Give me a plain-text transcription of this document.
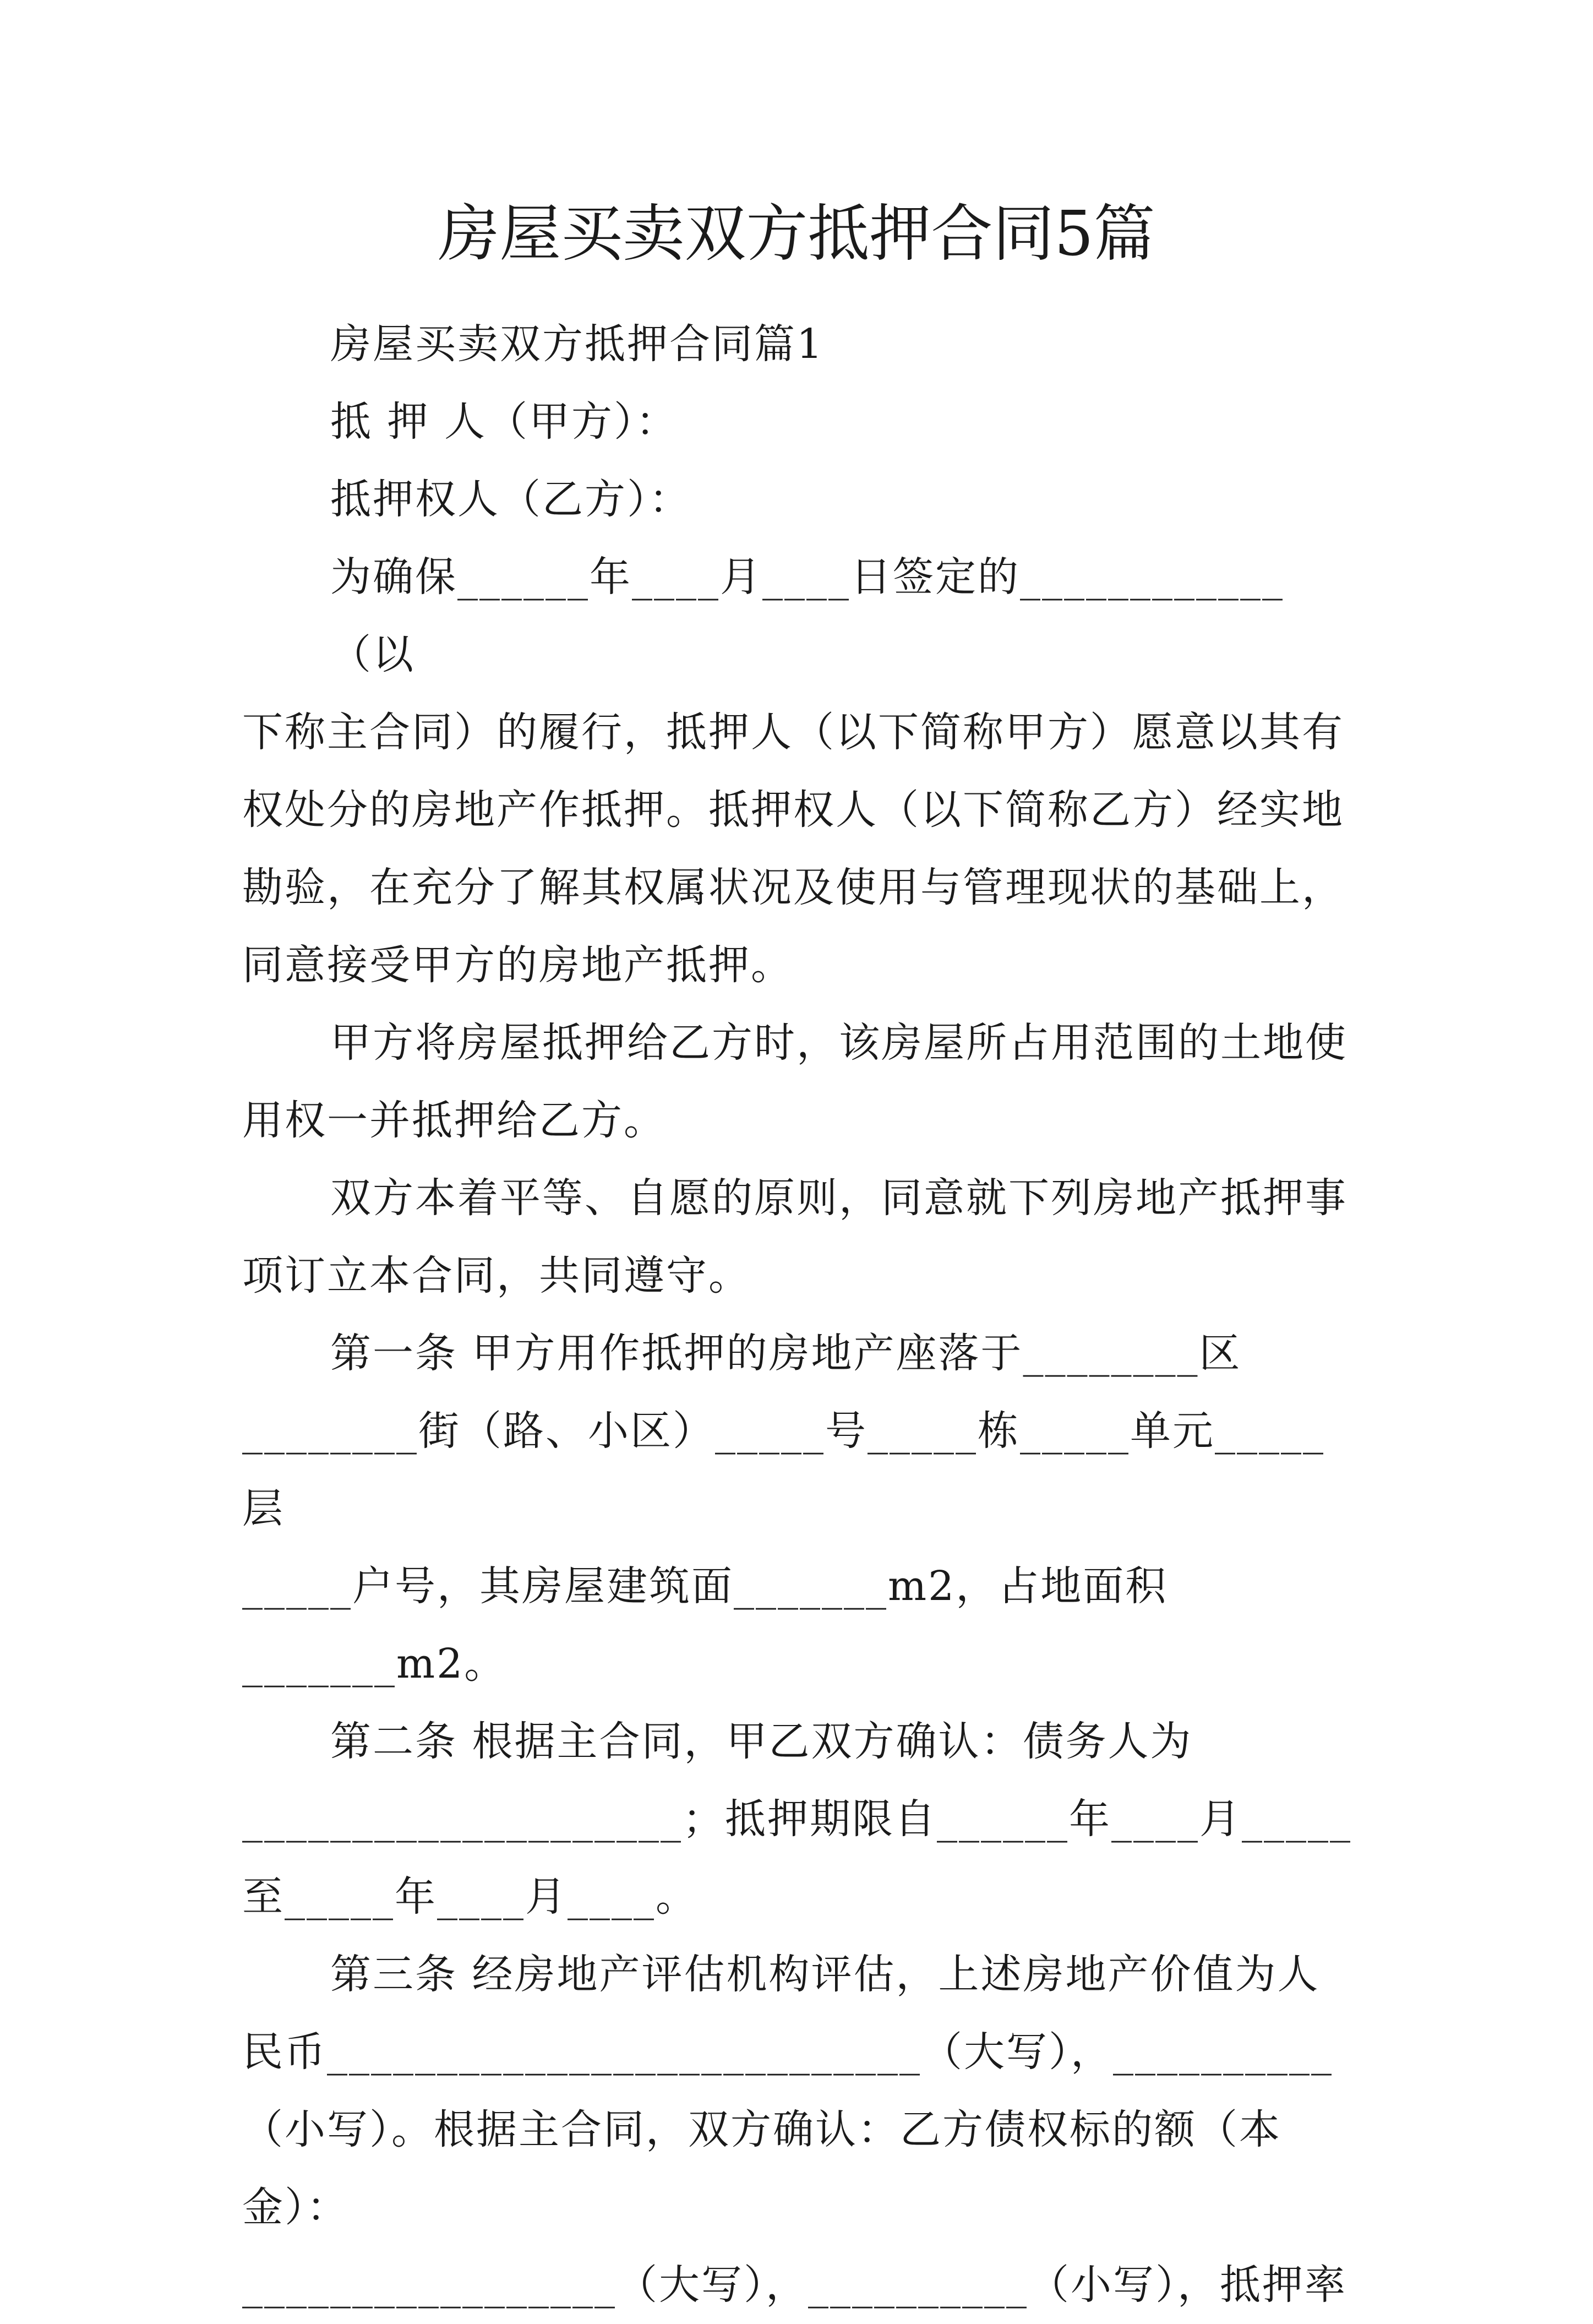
房屋买卖双方抵押合同5篇
房屋买卖双方抵押合同篇1
抵 押 人（甲方）：
抵押权人（乙方）：
为确保______年____月____日签定的____________（以
下称主合同）的履行，抵押人（以下简称甲方）愿意以其有
权处分的房地产作抵押。抵押权人（以下简称乙方）经实地
勘验，在充分了解其权属状况及使用与管理现状的基础上，
同意接受甲方的房地产抵押。
甲方将房屋抵押给乙方时，该房屋所占用范围的土地使
用权一并抵押给乙方。
双方本着平等、自愿的原则，同意就下列房地产抵押事
项订立本合同，共同遵守。
第一条 甲方用作抵押的房地产座落于________区
________街（路、小区）_____号_____栋_____单元_____层
_____户号，其房屋建筑面_______m2，占地面积_______m2。
第二条 根据主合同，甲乙双方确认：债务人为
____________________；抵押期限自______年____月_____
至_____年____月____。
第三条 经房地产评估机构评估，上述房地产价值为人
民币___________________________（大写），__________
（小写）。根据主合同，双方确认：乙方债权标的额（本金）：
_________________（大写），__________（小写），抵押率
